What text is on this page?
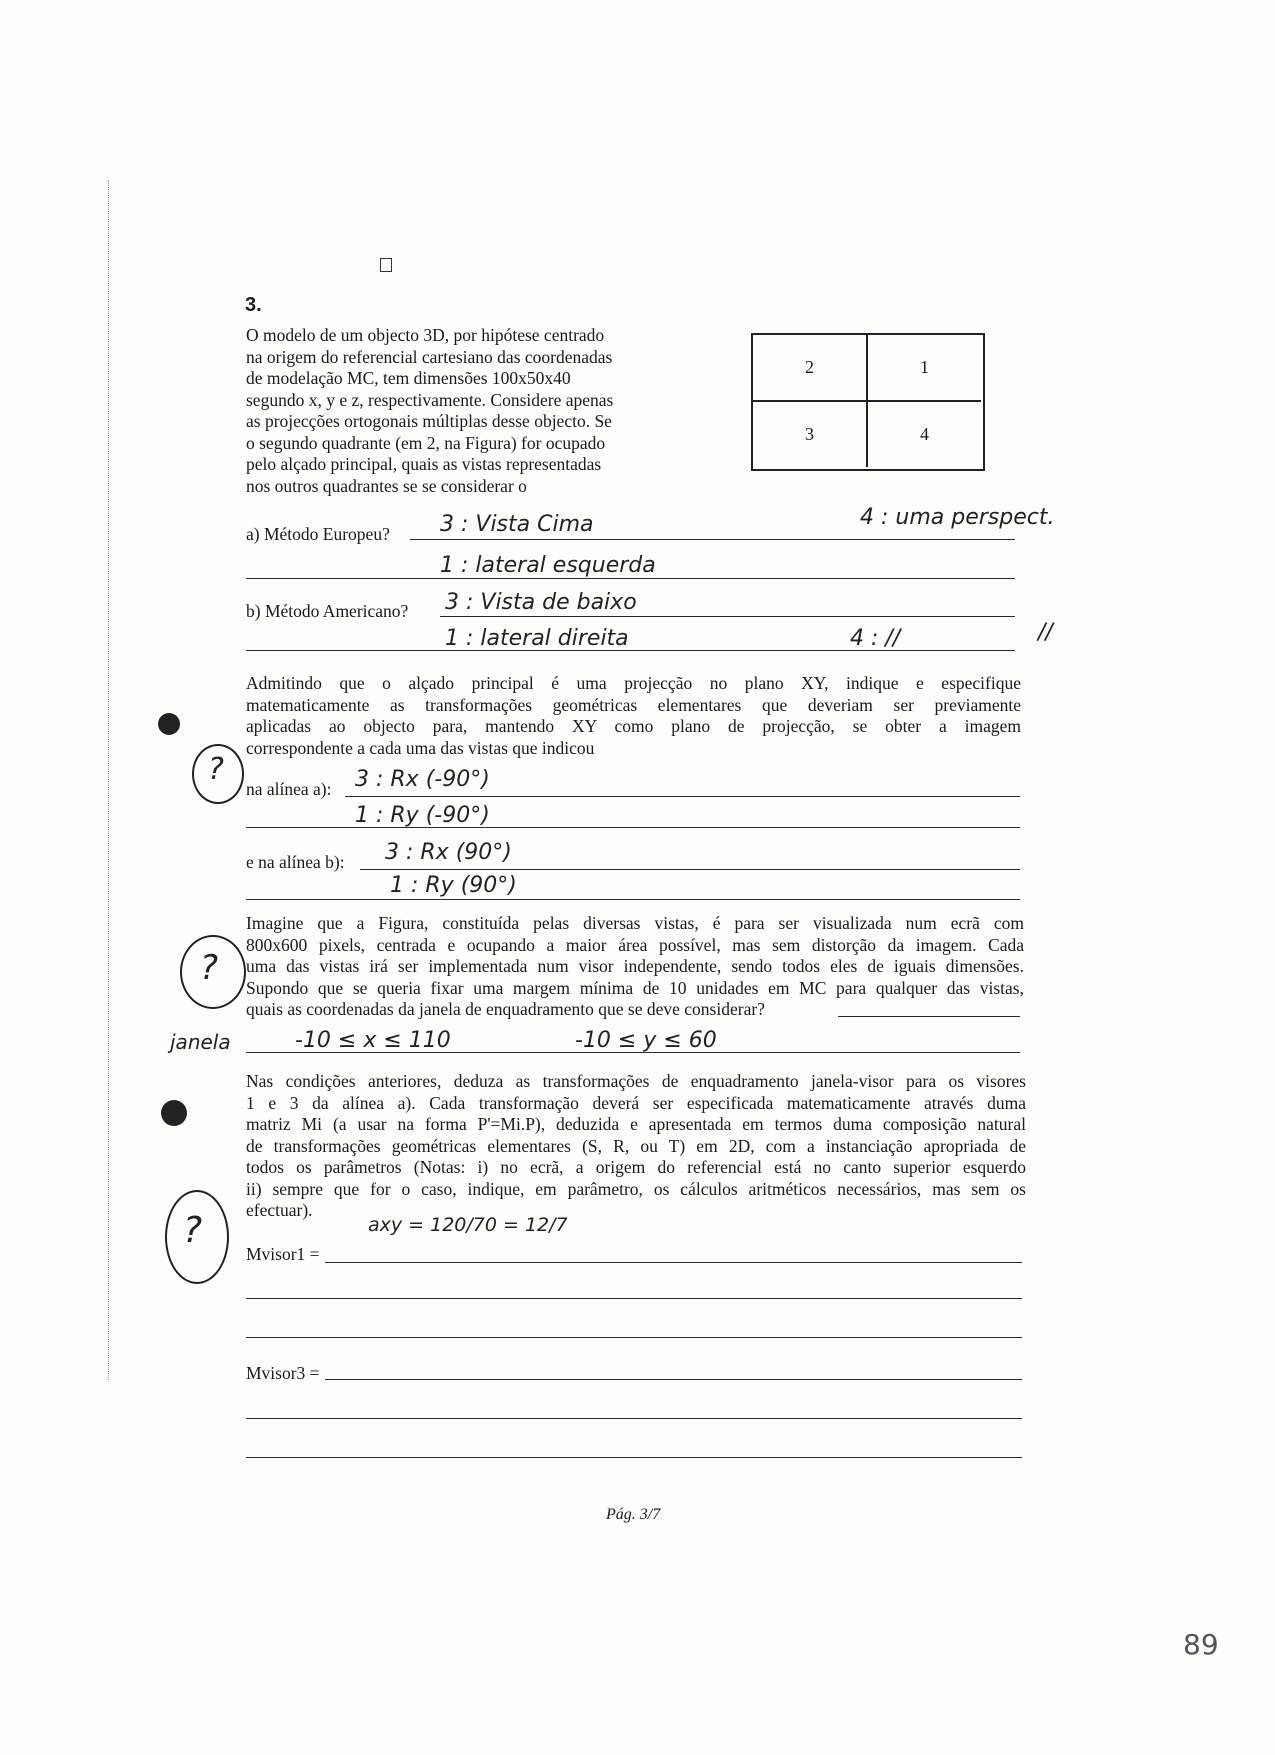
3.
O modelo de um objecto 3D, por hipótese centrado
na origem do referencial cartesiano das coordenadas
de modelação MC, tem dimensões 100x50x40
segundo x, y e z, respectivamente. Considere apenas
as projecções ortogonais múltiplas desse objecto. Se
o segundo quadrante (em 2, na Figura) for ocupado
pelo alçado principal, quais as vistas representadas
nos outros quadrantes se se considerar o
2	1
3	4
a) Método Europeu? 3 : Vista Cima	4 : uma perspect.
1 : lateral esquerda
b) Método Americano? 3 : Vista de baixo
1 : lateral direita	4 : //	//
Admitindo que o alçado principal é uma projecção no plano XY, indique e especifique
matematicamente as transformações geométricas elementares que deveriam ser previamente
aplicadas ao objecto para, mantendo XY como plano de projecção, se obter a imagem
correspondente a cada uma das vistas que indicou
?
na alínea a): 3 : Rx (-90°)
1 : Ry (-90°)
e na alínea b): 3 : Rx (90°)
1 : Ry (90°)
Imagine que a Figura, constituída pelas diversas vistas, é para ser visualizada num ecrã com
800x600 pixels, centrada e ocupando a maior área possível, mas sem distorção da imagem. Cada
uma das vistas irá ser implementada num visor independente, sendo todos eles de iguais dimensões.
Supondo que se queria fixar uma margem mínima de 10 unidades em MC para qualquer das vistas,
quais as coordenadas da janela de enquadramento que se deve considerar?
?
janela	-10 ≤ x ≤ 110	-10 ≤ y ≤ 60
Nas condições anteriores, deduza as transformações de enquadramento janela-visor para os visores
1 e 3 da alínea a). Cada transformação deverá ser especificada matematicamente através duma
matriz Mi (a usar na forma P'=Mi.P), deduzida e apresentada em termos duma composição natural
de transformações geométricas elementares (S, R, ou T) em 2D, com a instanciação apropriada de
todos os parâmetros (Notas: i) no ecrã, a origem do referencial está no canto superior esquerdo
ii) sempre que for o caso, indique, em parâmetro, os cálculos aritméticos necessários, mas sem os
efectuar).
?	axy = 120/70 = 12/7
Mvisor1 =
Mvisor3 =
Pág. 3/7
89
